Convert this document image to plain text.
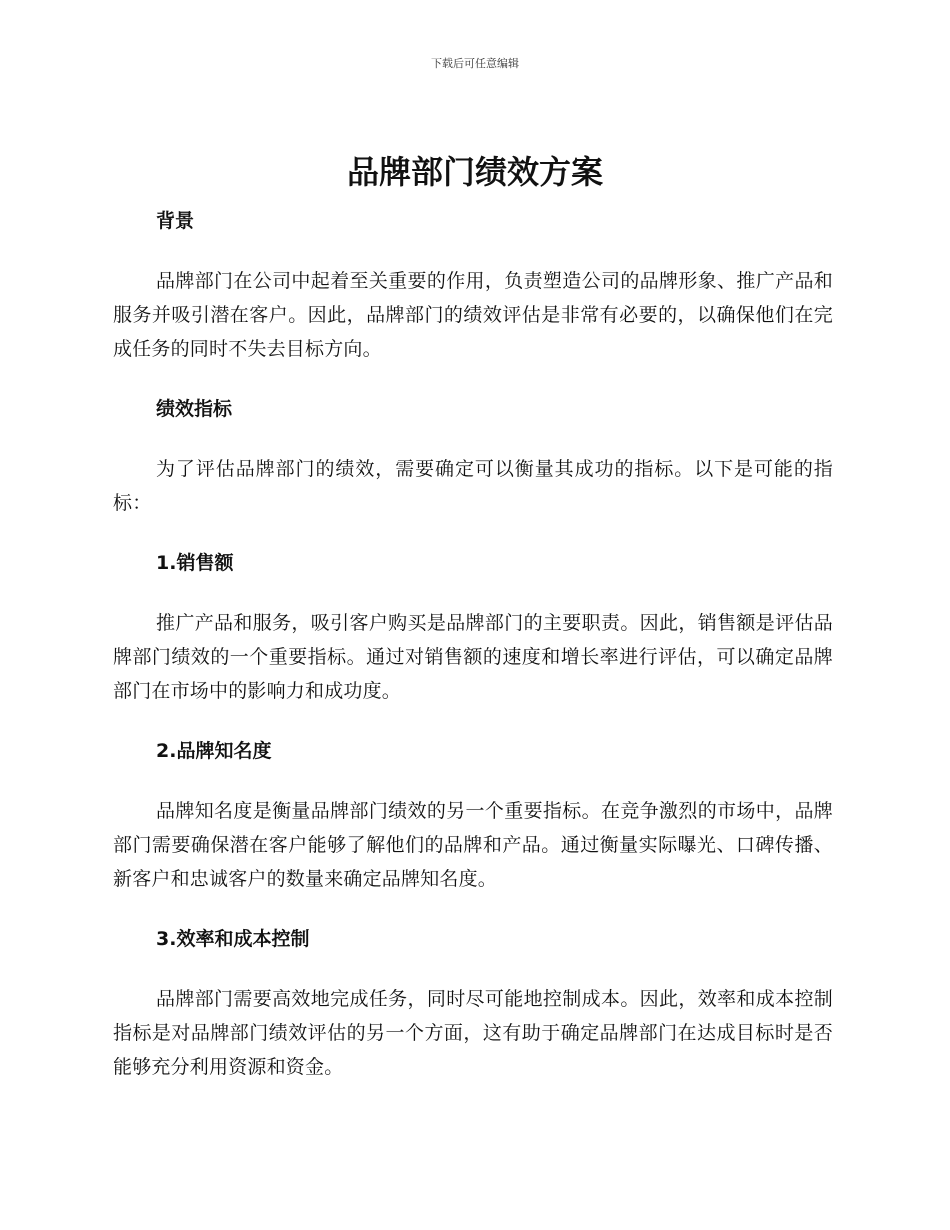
下载后可任意编辑
品牌部门绩效方案
背景

品牌部门在公司中起着至关重要的作用，负责塑造公司的品牌形象、推广产品和服务并吸引潜在客户。因此，品牌部门的绩效评估是非常有必要的，以确保他们在完成任务的同时不失去目标方向。

绩效指标

为了评估品牌部门的绩效，需要确定可以衡量其成功的指标。以下是可能的指标：

1.销售额

推广产品和服务，吸引客户购买是品牌部门的主要职责。因此，销售额是评估品牌部门绩效的一个重要指标。通过对销售额的速度和增长率进行评估，可以确定品牌部门在市场中的影响力和成功度。

2.品牌知名度

品牌知名度是衡量品牌部门绩效的另一个重要指标。在竞争激烈的市场中，品牌部门需要确保潜在客户能够了解他们的品牌和产品。通过衡量实际曝光、口碑传播、新客户和忠诚客户的数量来确定品牌知名度。

3.效率和成本控制

品牌部门需要高效地完成任务，同时尽可能地控制成本。因此，效率和成本控制指标是对品牌部门绩效评估的另一个方面，这有助于确定品牌部门在达成目标时是否能够充分利用资源和资金。
